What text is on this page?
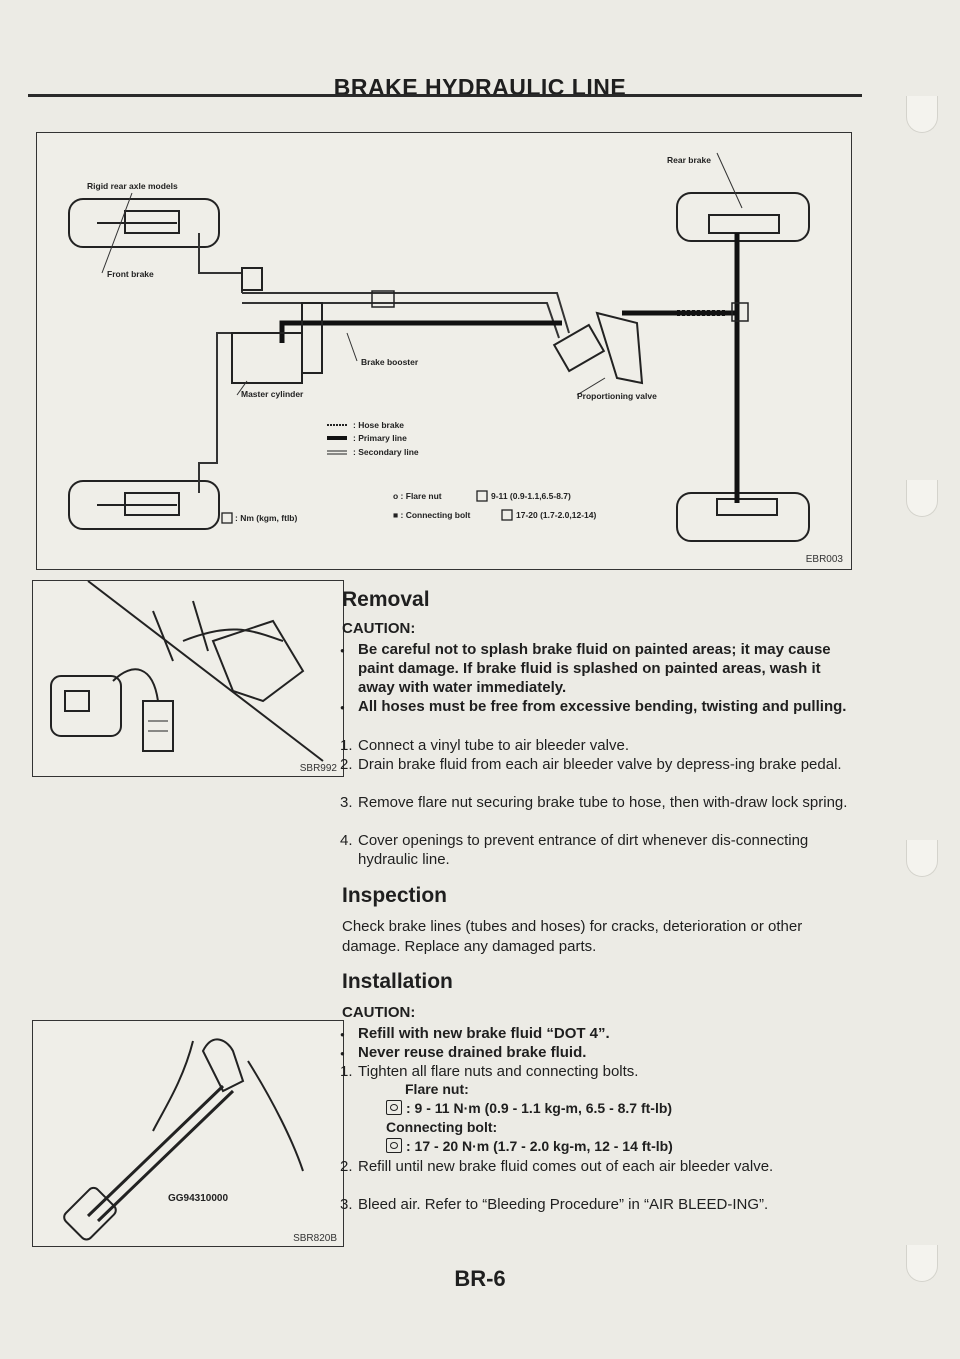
BRAKE HYDRAULIC LINE
Rear brake
Rigid rear axle models
Front brake
Brake booster
Master cylinder	Proportioning valve
: Hose brake
: Primary line
: Secondary line
o : Flare nut	9-11 (0.9-1.1,6.5-8.7)
: Nm (kgm, ftlb)	■ : Connecting bolt	17-20 (1.7-2.0,12-14)
EBR003
SBR992
GG94310000
SBR820B
Removal
CAUTION:
● Be careful not to splash brake fluid on painted areas; it may cause paint damage. If brake fluid is splashed on painted areas, wash it away with water immediately.
● All hoses must be free from excessive bending, twisting and pulling.
1. Connect a vinyl tube to air bleeder valve.
2. Drain brake fluid from each air bleeder valve by depress-ing brake pedal.
3. Remove flare nut securing brake tube to hose, then with-draw lock spring.
4. Cover openings to prevent entrance of dirt whenever dis-connecting hydraulic line.
Inspection
Check brake lines (tubes and hoses) for cracks, deterioration or other damage. Replace any damaged parts.
Installation
CAUTION:
● Refill with new brake fluid “DOT 4”.
● Never reuse drained brake fluid.
1. Tighten all flare nuts and connecting bolts.
Flare nut:
: 9 - 11 N·m (0.9 - 1.1 kg-m, 6.5 - 8.7 ft-lb)
Connecting bolt:
: 17 - 20 N·m (1.7 - 2.0 kg-m, 12 - 14 ft-lb)
2. Refill until new brake fluid comes out of each air bleeder valve.
3. Bleed air. Refer to “Bleeding Procedure” in “AIR BLEED-ING”.
BR-6
